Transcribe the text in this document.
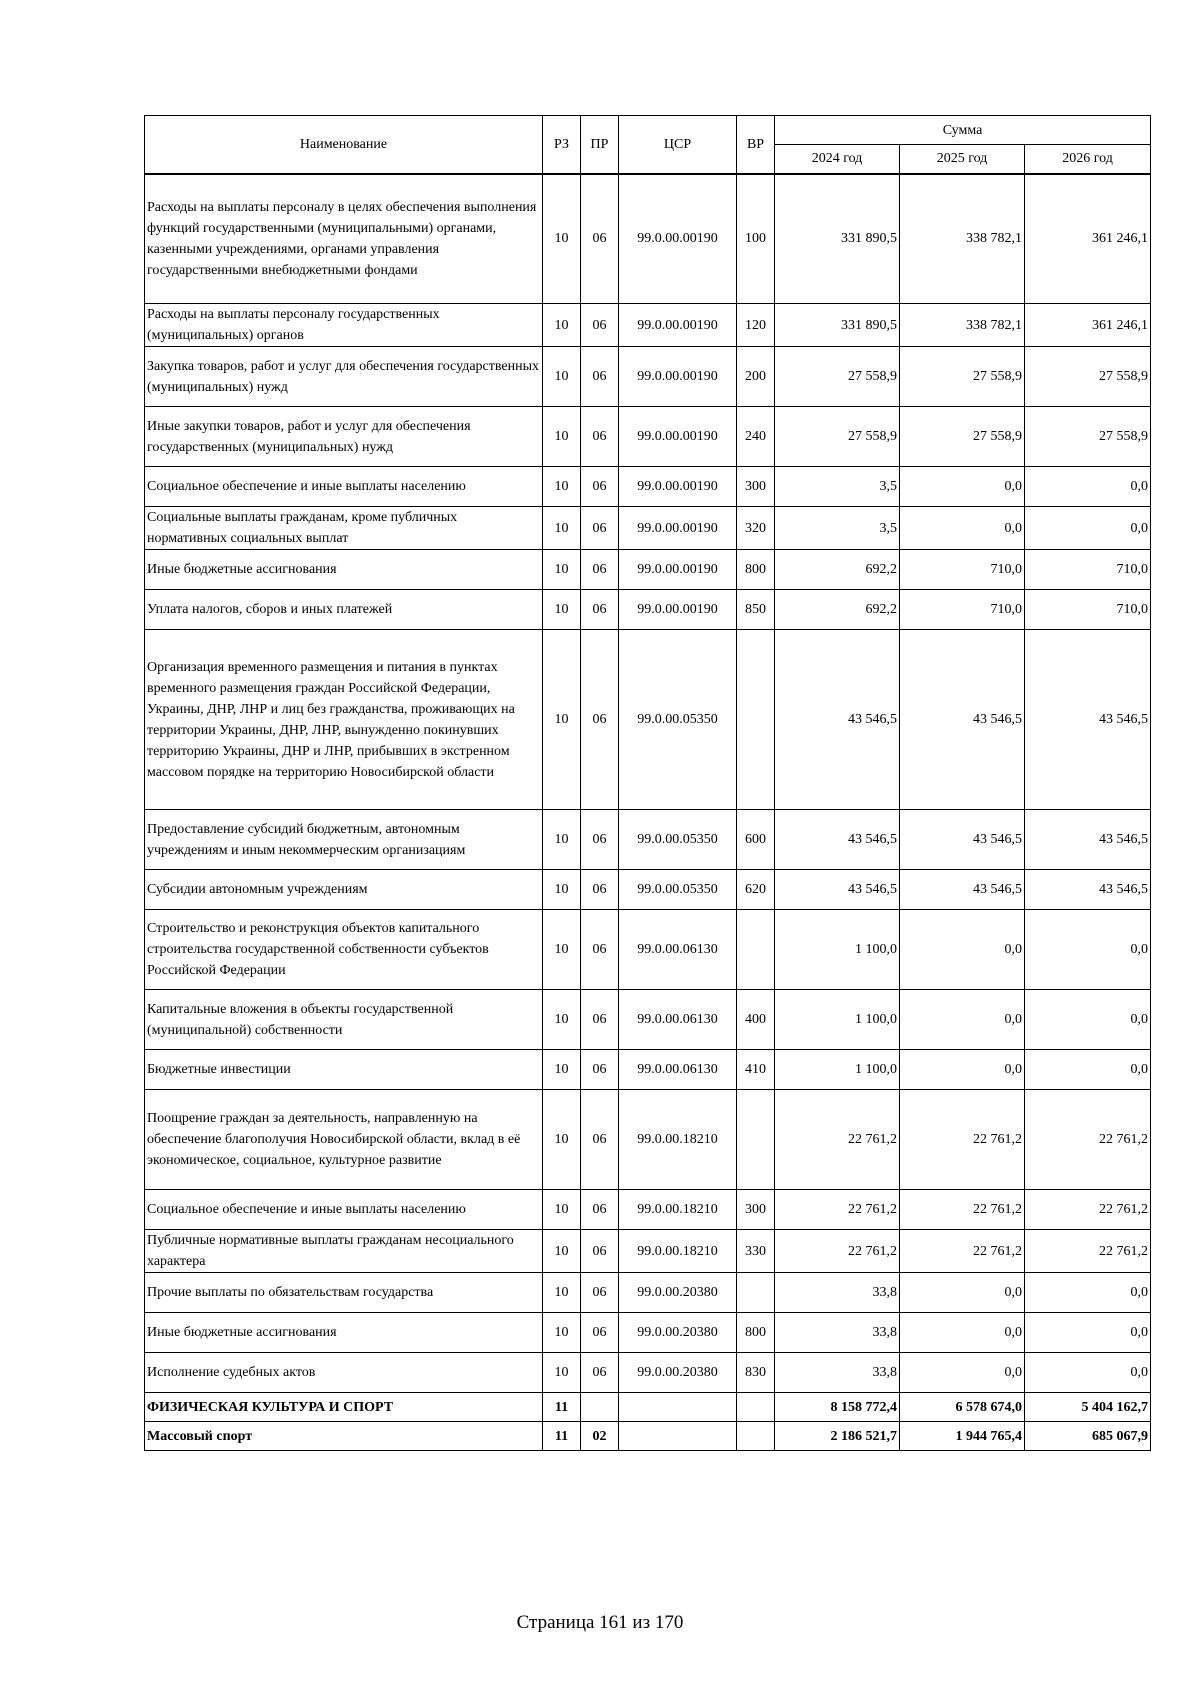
Наименование	РЗ	ПР	ЦСР	ВР	Сумма		
					2024 год	2025 год	2026 год
Расходы на выплаты персоналу в целях обеспечения выполнения функций государственными (муниципальными) органами, казенными учреждениями, органами управления государственными внебюджетными фондами	10	06	99.0.00.00190	100	331 890,5	338 782,1	361 246,1
Расходы на выплаты персоналу государственных (муниципальных) органов	10	06	99.0.00.00190	120	331 890,5	338 782,1	361 246,1
Закупка товаров, работ и услуг для обеспечения государственных (муниципальных) нужд	10	06	99.0.00.00190	200	27 558,9	27 558,9	27 558,9
Иные закупки товаров, работ и услуг для обеспечения государственных (муниципальных) нужд	10	06	99.0.00.00190	240	27 558,9	27 558,9	27 558,9
Социальное обеспечение и иные выплаты населению	10	06	99.0.00.00190	300	3,5	0,0	0,0
Социальные выплаты гражданам, кроме публичных нормативных социальных выплат	10	06	99.0.00.00190	320	3,5	0,0	0,0
Иные бюджетные ассигнования	10	06	99.0.00.00190	800	692,2	710,0	710,0
Уплата налогов, сборов и иных платежей	10	06	99.0.00.00190	850	692,2	710,0	710,0
Организация временного размещения и питания в пунктах временного размещения граждан Российской Федерации, Украины, ДНР, ЛНР и лиц без гражданства, проживающих на территории Украины, ДНР, ЛНР, вынужденно покинувших территорию Украины, ДНР и ЛНР, прибывших в экстренном массовом порядке на территорию Новосибирской области	10	06	99.0.00.05350		43 546,5	43 546,5	43 546,5
Предоставление субсидий бюджетным, автономным учреждениям и иным некоммерческим организациям	10	06	99.0.00.05350	600	43 546,5	43 546,5	43 546,5
Субсидии автономным учреждениям	10	06	99.0.00.05350	620	43 546,5	43 546,5	43 546,5
Строительство и реконструкция объектов капитального строительства государственной собственности субъектов Российской Федерации	10	06	99.0.00.06130		1 100,0	0,0	0,0
Капитальные вложения в объекты государственной (муниципальной) собственности	10	06	99.0.00.06130	400	1 100,0	0,0	0,0
Бюджетные инвестиции	10	06	99.0.00.06130	410	1 100,0	0,0	0,0
Поощрение граждан за деятельность, направленную на обеспечение благополучия Новосибирской области, вклад в её экономическое, социальное, культурное развитие	10	06	99.0.00.18210		22 761,2	22 761,2	22 761,2
Социальное обеспечение и иные выплаты населению	10	06	99.0.00.18210	300	22 761,2	22 761,2	22 761,2
Публичные нормативные выплаты гражданам несоциального характера	10	06	99.0.00.18210	330	22 761,2	22 761,2	22 761,2
Прочие выплаты по обязательствам государства	10	06	99.0.00.20380		33,8	0,0	0,0
Иные бюджетные ассигнования	10	06	99.0.00.20380	800	33,8	0,0	0,0
Исполнение судебных актов	10	06	99.0.00.20380	830	33,8	0,0	0,0
ФИЗИЧЕСКАЯ КУЛЬТУРА И СПОРТ	11				8 158 772,4	6 578 674,0	5 404 162,7
Массовый спорт	11	02			2 186 521,7	1 944 765,4	685 067,9
Страница 161 из 170
